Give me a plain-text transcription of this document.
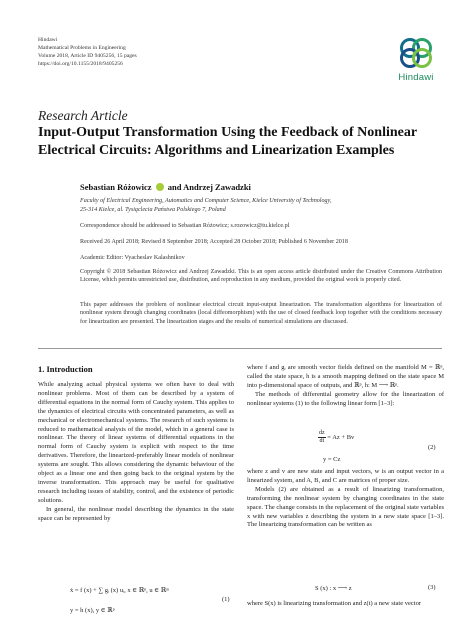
Hindawi
Mathematical Problems in Engineering
Volume 2018, Article ID 9405256, 15 pages
https://doi.org/10.1155/2018/9405256
Hindawi
Research Article
Input-Output Transformation Using the Feedback of Nonlinear
Electrical Circuits: Algorithms and Linearization Examples
Sebastian Różowicz and Andrzej Zawadzki
Faculty of Electrical Engineering, Automatics and Computer Science, Kielce University of Technology,
25-314 Kielce, al. Tysiąclecia Państwa Polskiego 7, Poland
Correspondence should be addressed to Sebastian Różowicz; s.rozowicz@tu.kielce.pl
Received 26 April 2018; Revised 8 September 2018; Accepted 28 October 2018; Published 6 November 2018
Academic Editor: Vyacheslav Kalashnikov
Copyright © 2018 Sebastian Różowicz and Andrzej Zawadzki. This is an open access article distributed under the Creative Commons Attribution License, which permits unrestricted use, distribution, and reproduction in any medium, provided the original work is properly cited.
This paper addresses the problem of nonlinear electrical circuit input-output linearization. The transformation algorithms for linearization of nonlinear system through changing coordinates (local diffeomorphism) with the use of closed feedback loop together with the conditions necessary for linearization are presented. The linearization stages and the results of numerical simulations are discussed.
1. Introduction

While analyzing actual physical systems we often have to deal with nonlinear problems. Most of them can be described by a system of differential equations in the normal form of Cauchy system. This applies to the dynamics of electrical circuits with concentrated parameters, as well as mechanical or electromechanical systems. The research of such systems is reduced to mathematical analysis of the model, which in a general case is nonlinear. The theory of linear systems of differential equations in the normal form of Cauchy system is explicit with respect to the time derivatives. Therefore, the linearized-preferably linear models of nonlinear systems are sought. This allows considering the dynamic behaviour of the object as a linear one and then going back to the original system by the inverse transformation. This approach may be useful for qualitative research including issues of stability, control, and the existence of periodic solutions.

In general, the nonlinear model describing the dynamics in the state space can be represented by

ẋ = f (x) + ∑ gᵢ (x) uᵢ, x ∈ ℝⁿ, u ∈ ℝᵐ
y = h (x), y ∈ ℝᵖ
(1)

where f and gᵢ are smooth vector fields defined on the manifold M = ℝⁿ, called the state space, h is a smooth mapping defined on the state space M into p-dimensional space of outputs, and ℝᵖ, h: M ⟶ ℝᵖ.

The methods of differential geometry allow for the linearization of nonlinear systems (1) to the following linear form [1–3]:

$\frac{dz}{dt} = Az + Bv$
y = Cz
(2)

where z and v are new state and input vectors, w is an output vector in a linearized system, and A, B, and C are matrices of proper size.

Models (2) are obtained as a result of linearizing transformation, transforming the nonlinear system by changing coordinates in the state space. The change consists in the replacement of the original state variables x with new variables z describing the system in a new state space [1–3]. The linearizing transformation can be written as

S (x) : x ⟶ z	(3)

where S(x) is linearizing transformation and z(t) a new state vector
